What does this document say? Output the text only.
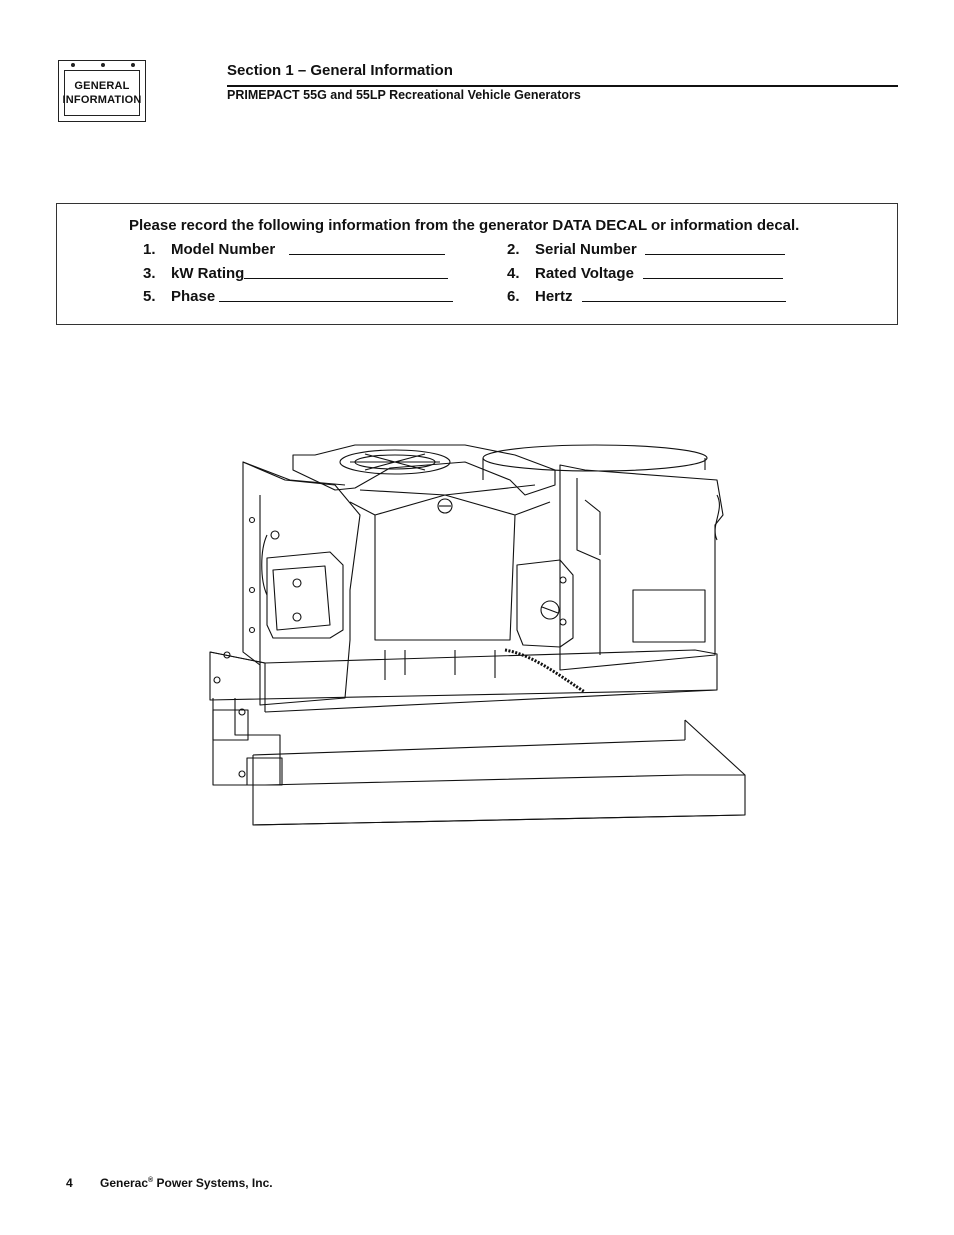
GENERAL
INFORMATION
Section 1 – General Information
PRIMEPACT 55G and 55LP Recreational Vehicle Generators
Please record the following information from the generator DATA DECAL or information decal.
1.	Model Number	2.	Serial Number
3.	kW Rating	4.	Rated Voltage
5.	Phase	6.	Hertz
4 Generac® Power Systems, Inc.
